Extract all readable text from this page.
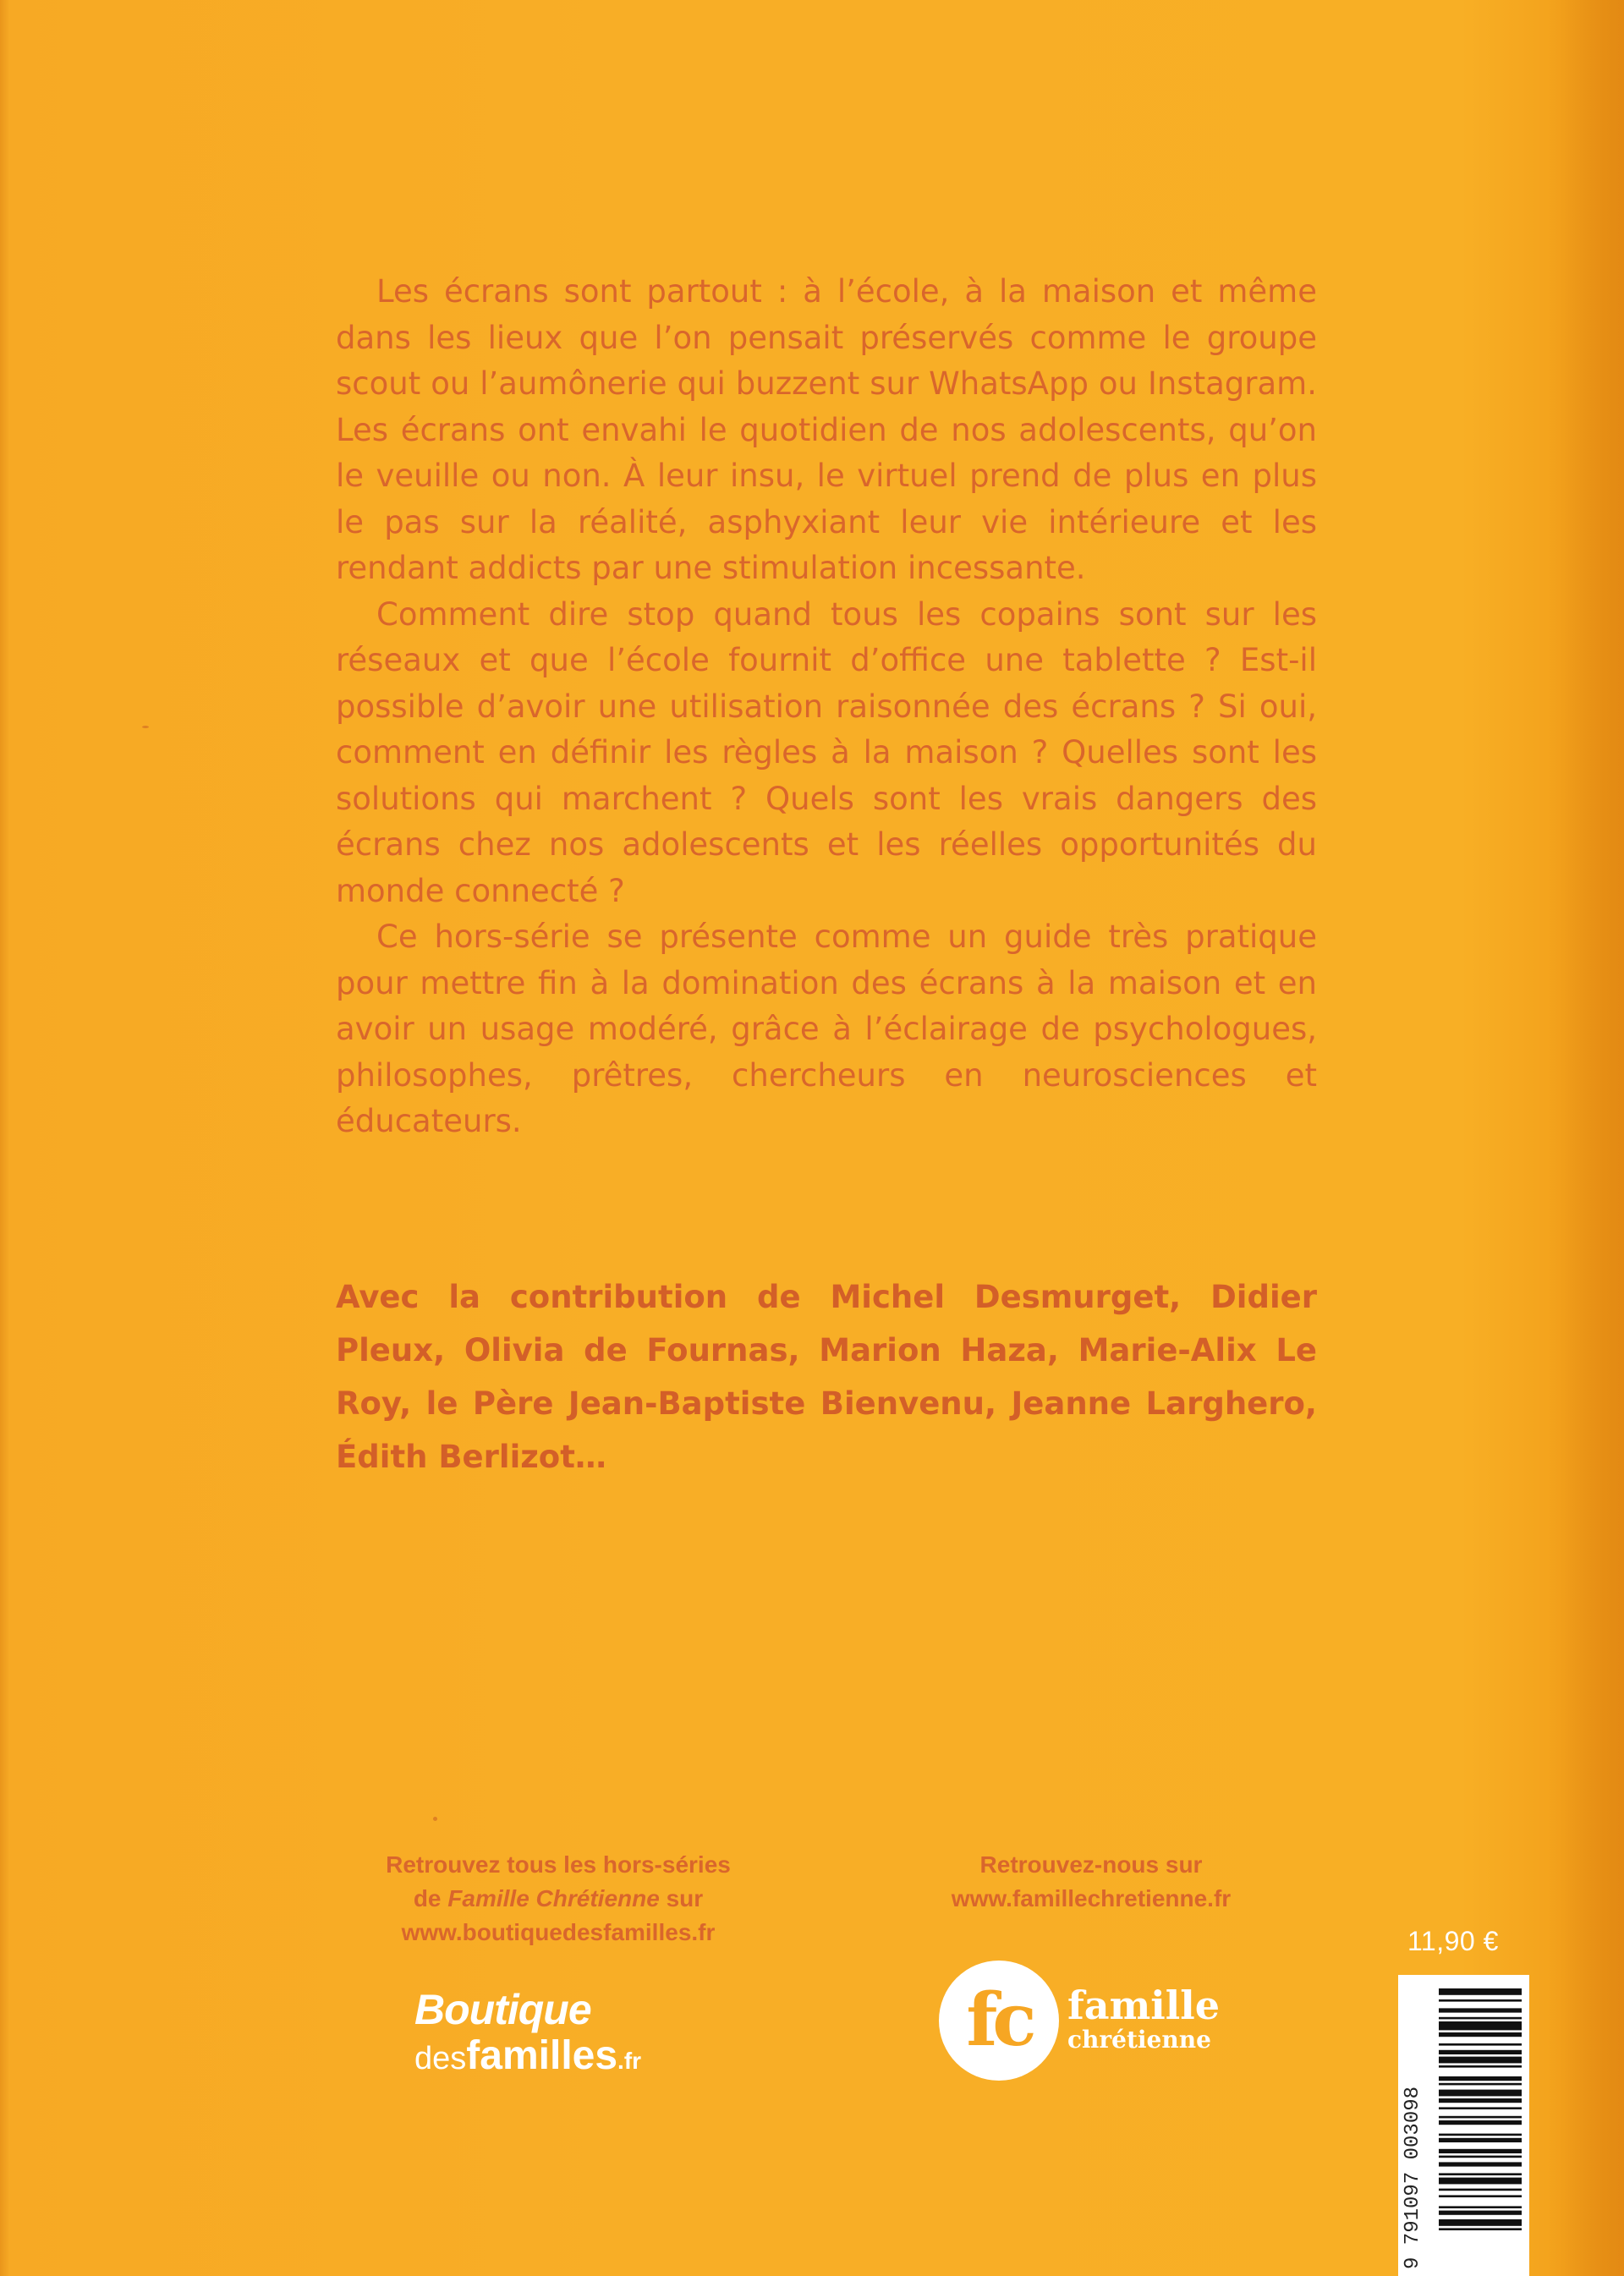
Les écrans sont partout : à l’école, à la maison et même dans les lieux que l’on pensait préservés comme le groupe scout ou l’aumônerie qui buzzent sur WhatsApp ou Instagram. Les écrans ont envahi le quotidien de nos adolescents, qu’on le veuille ou non. À leur insu, le virtuel prend de plus en plus le pas sur la réalité, asphyxiant leur vie intérieure et les rendant addicts par une stimulation incessante.

Comment dire stop quand tous les copains sont sur les réseaux et que l’école fournit d’office une tablette ? Est-il possible d’avoir une utilisation raisonnée des écrans ? Si oui, comment en définir les règles à la maison ? Quelles sont les solutions qui marchent ? Quels sont les vrais dangers des écrans chez nos adolescents et les réelles opportunités du monde connecté ?

Ce hors-série se présente comme un guide très pratique pour mettre fin à la domination des écrans à la maison et en avoir un usage modéré, grâce à l’éclairage de psychologues, philosophes, prêtres, chercheurs en neurosciences et éducateurs.

Avec la contribution de Michel Desmurget, Didier Pleux, Olivia de Fournas, Marion Haza, Marie-Alix Le Roy, le Père Jean-Baptiste Bienvenu, Jeanne Larghero, Édith Berlizot…

Retrouvez tous les hors-séries
de Famille Chrétienne sur
www.boutiquedesfamilles.fr
Retrouvez-nous sur
www.famillechretienne.fr
Boutique
desfamilles.fr	fc famille
chrétienne
11,90 €
9 791097 003098
